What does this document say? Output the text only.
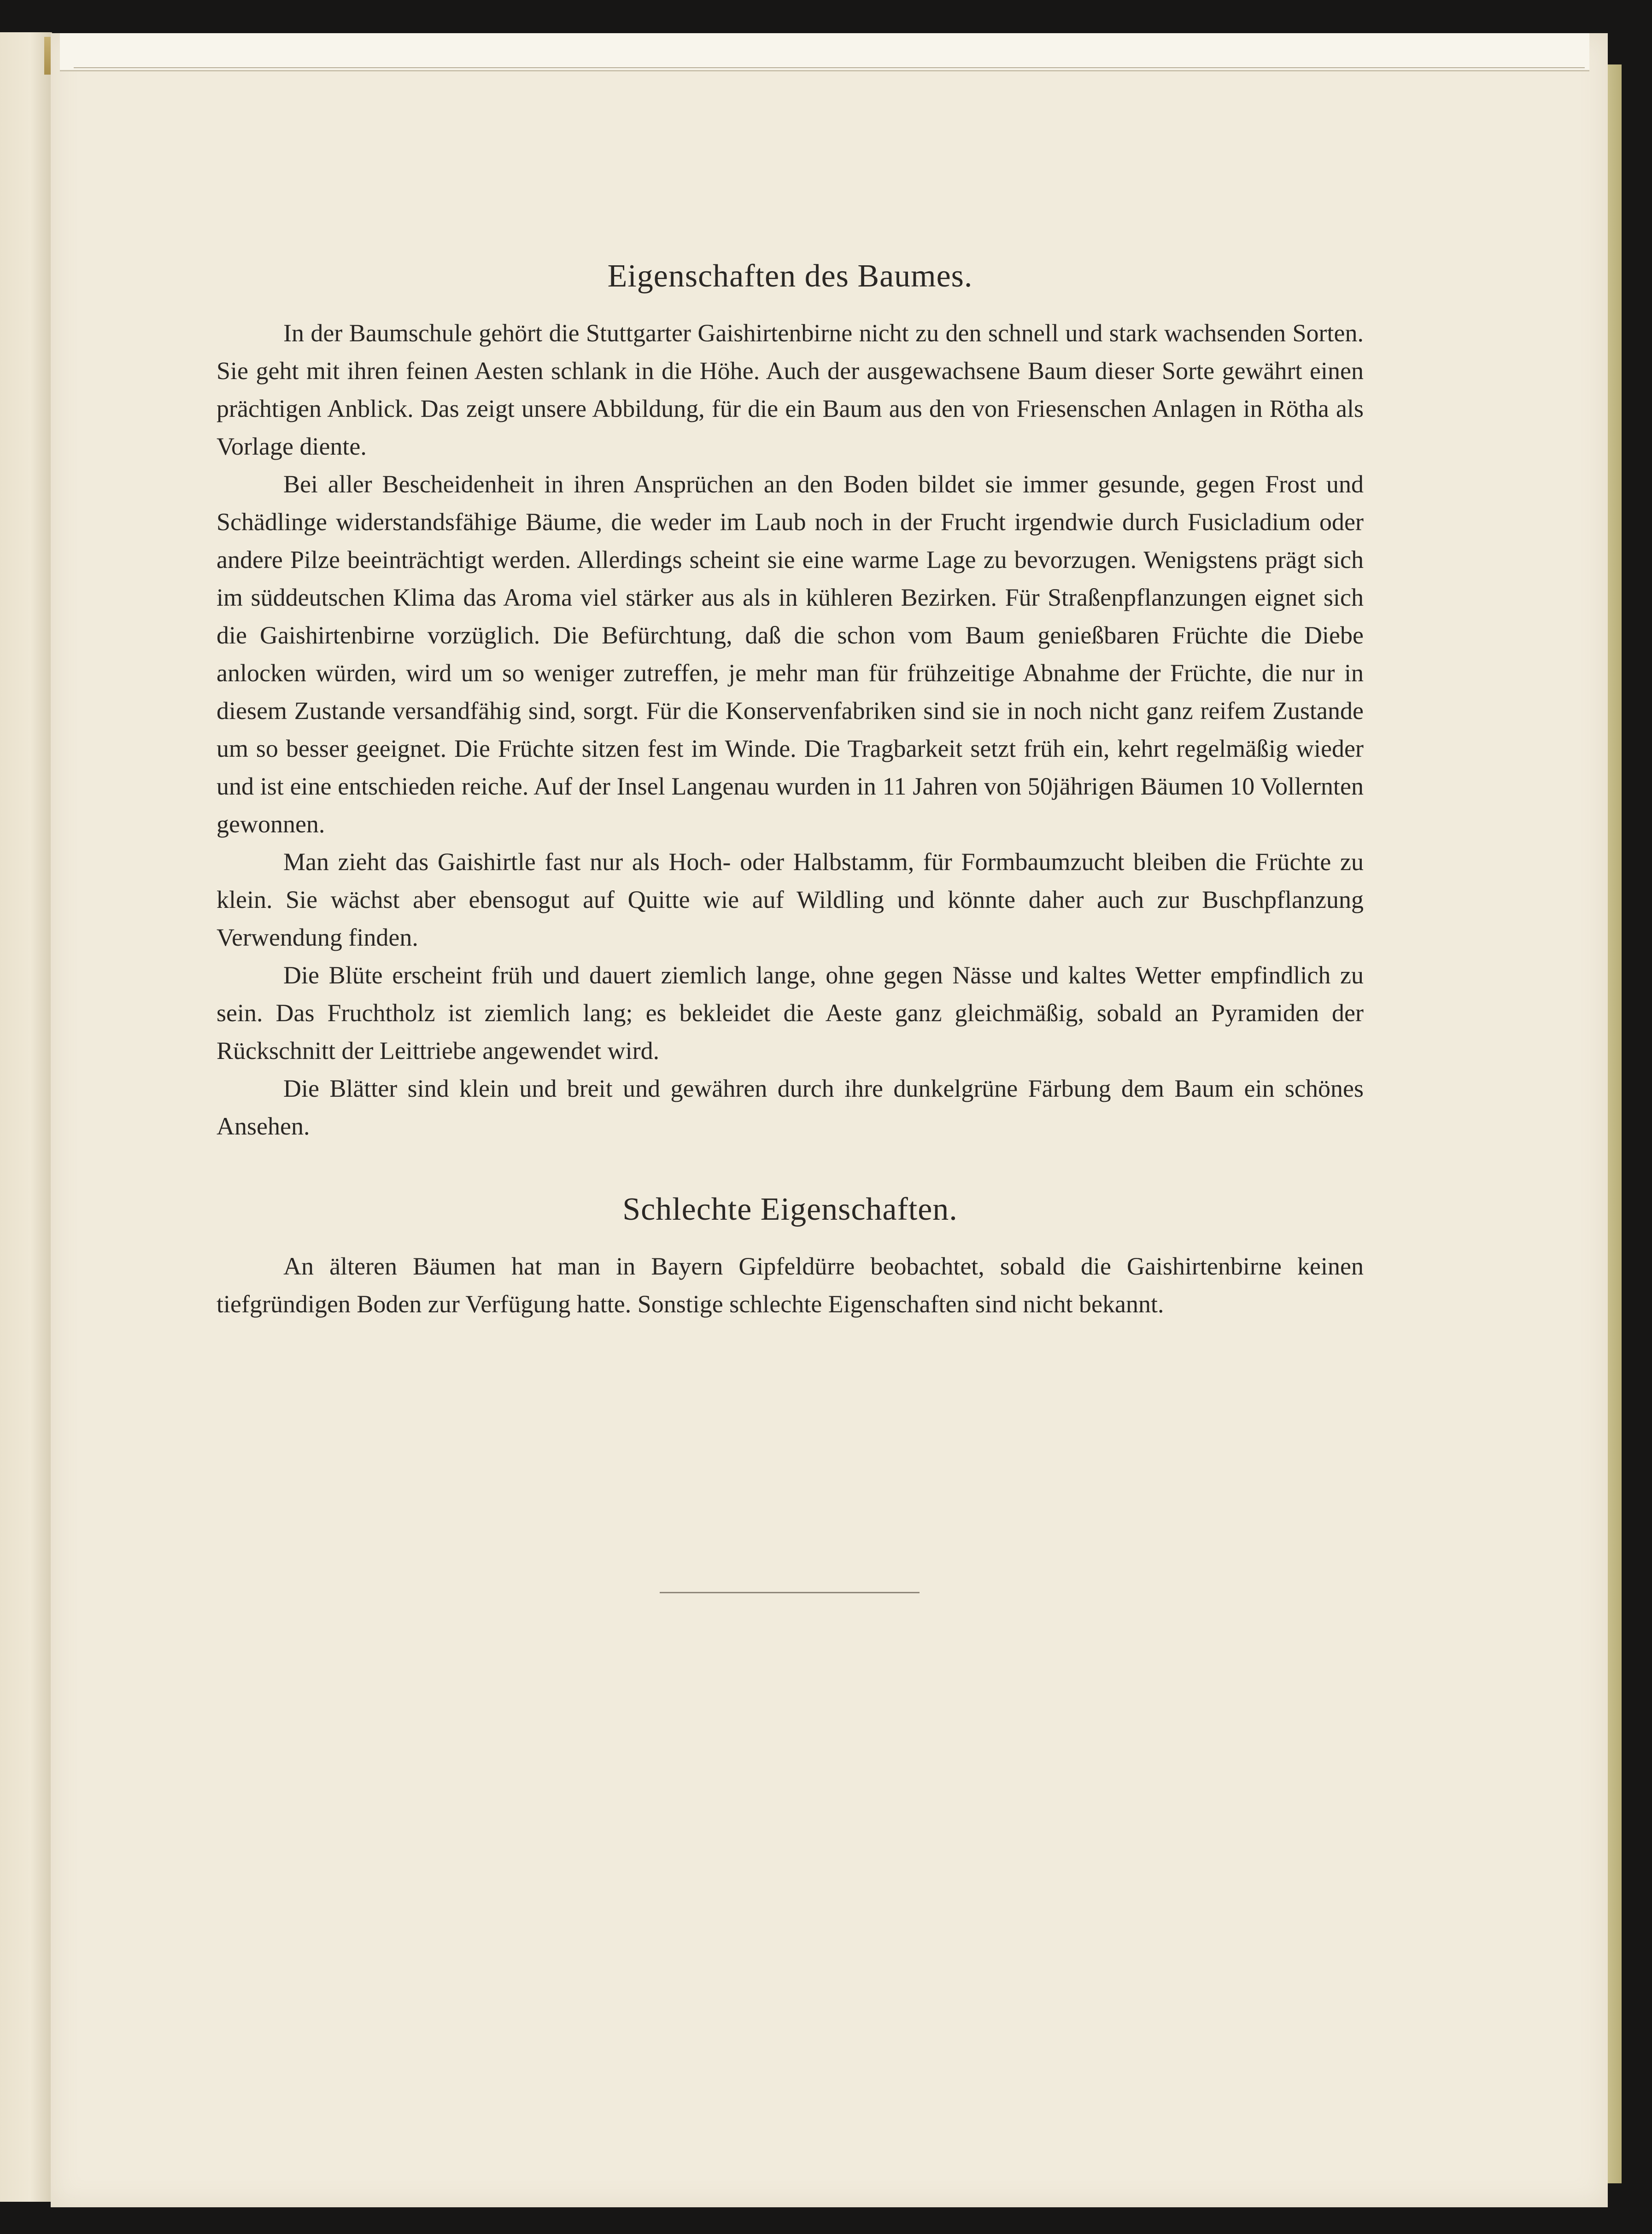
Eigenschaften des Baumes.

In der Baumschule gehört die Stuttgarter Gaishirtenbirne nicht zu den schnell und stark wachsenden Sorten. Sie geht mit ihren feinen Aesten schlank in die Höhe. Auch der ausgewachsene Baum dieser Sorte gewährt einen prächtigen Anblick. Das zeigt unsere Abbildung, für die ein Baum aus den von Friesenschen Anlagen in Rötha als Vorlage diente.

Bei aller Bescheidenheit in ihren Ansprüchen an den Boden bildet sie immer gesunde, gegen Frost und Schädlinge widerstandsfähige Bäume, die weder im Laub noch in der Frucht irgendwie durch Fusicladium oder andere Pilze beeinträchtigt werden. Allerdings scheint sie eine warme Lage zu bevorzugen. Wenigstens prägt sich im süddeutschen Klima das Aroma viel stärker aus als in kühleren Bezirken. Für Straßenpflanzungen eignet sich die Gaishirtenbirne vorzüglich. Die Befürchtung, daß die schon vom Baum genießbaren Früchte die Diebe anlocken würden, wird um so weniger zutreffen, je mehr man für frühzeitige Abnahme der Früchte, die nur in diesem Zustande versandfähig sind, sorgt. Für die Konservenfabriken sind sie in noch nicht ganz reifem Zustande um so besser geeignet. Die Früchte sitzen fest im Winde. Die Tragbarkeit setzt früh ein, kehrt regelmäßig wieder und ist eine entschieden reiche. Auf der Insel Langenau wurden in 11 Jahren von 50jährigen Bäumen 10 Vollernten gewonnen.

Man zieht das Gaishirtle fast nur als Hoch- oder Halbstamm, für Formbaumzucht bleiben die Früchte zu klein. Sie wächst aber ebensogut auf Quitte wie auf Wildling und könnte daher auch zur Buschpflanzung Verwendung finden.

Die Blüte erscheint früh und dauert ziemlich lange, ohne gegen Nässe und kaltes Wetter empfindlich zu sein. Das Fruchtholz ist ziemlich lang; es bekleidet die Aeste ganz gleichmäßig, sobald an Pyramiden der Rückschnitt der Leittriebe angewendet wird.

Die Blätter sind klein und breit und gewähren durch ihre dunkelgrüne Färbung dem Baum ein schönes Ansehen.

Schlechte Eigenschaften.

An älteren Bäumen hat man in Bayern Gipfeldürre beobachtet, sobald die Gaishirtenbirne keinen tiefgründigen Boden zur Verfügung hatte. Sonstige schlechte Eigenschaften sind nicht bekannt.
